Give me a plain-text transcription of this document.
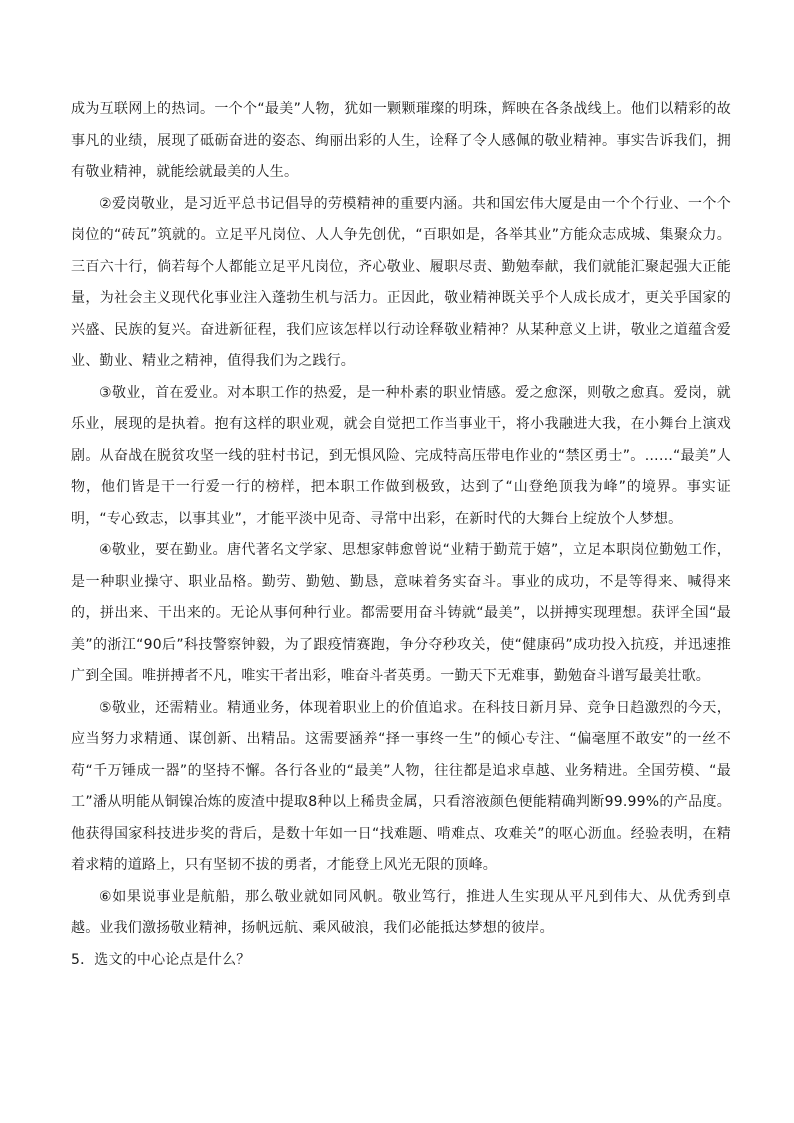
成为互联网上的热词。一个个“最美”人物，犹如一颗颗璀璨的明珠，辉映在各条战线上。他们以精彩的故事凡的业绩，展现了砥砺奋进的姿态、绚丽出彩的人生，诠释了令人感佩的敬业精神。事实告诉我们，拥有敬业精神，就能绘就最美的人生。

②爱岗敬业，是习近平总书记倡导的劳模精神的重要内涵。共和国宏伟大厦是由一个个行业、一个个岗位的“砖瓦”筑就的。立足平凡岗位、人人争先创优，“百职如是，各举其业”方能众志成城、集聚众力。三百六十行，倘若每个人都能立足平凡岗位，齐心敬业、履职尽责、勤勉奉献，我们就能汇聚起强大正能量，为社会主义现代化事业注入蓬勃生机与活力。正因此，敬业精神既关乎个人成长成才，更关乎国家的兴盛、民族的复兴。奋进新征程，我们应该怎样以行动诠释敬业精神？从某种意义上讲，敬业之道蕴含爱业、勤业、精业之精神，值得我们为之践行。

③敬业，首在爱业。对本职工作的热爱，是一种朴素的职业情感。爱之愈深，则敬之愈真。爱岗，就乐业，展现的是执着。抱有这样的职业观，就会自觉把工作当事业干，将小我融进大我，在小舞台上演戏剧。从奋战在脱贫攻坚一线的驻村书记，到无惧风险、完成特高压带电作业的“禁区勇士”。……“最美”人物，他们皆是干一行爱一行的榜样，把本职工作做到极致，达到了“山登绝顶我为峰”的境界。事实证明，“专心致志，以事其业”，才能平淡中见奇、寻常中出彩，在新时代的大舞台上绽放个人梦想。

④敬业，要在勤业。唐代著名文学家、思想家韩愈曾说“业精于勤荒于嬉”，立足本职岗位勤勉工作，是一种职业操守、职业品格。勤劳、勤勉、勤恳，意味着务实奋斗。事业的成功，不是等得来、喊得来的，拼出来、干出来的。无论从事何种行业。都需要用奋斗铸就“最美”，以拼搏实现理想。获评全国“最美”的浙江“90后”科技警察钟毅，为了跟疫情赛跑，争分夺秒攻关，使“健康码”成功投入抗疫，并迅速推广到全国。唯拼搏者不凡，唯实干者出彩，唯奋斗者英勇。一勤天下无难事，勤勉奋斗谱写最美壮歌。

⑤敬业，还需精业。精通业务，体现着职业上的价值追求。在科技日新月异、竞争日趋激烈的今天，应当努力求精通、谋创新、出精品。这需要涵养“择一事终一生”的倾心专注、“偏毫厘不敢安”的一丝不苟“千万锤成一器”的坚持不懈。各行各业的“最美”人物，往往都是追求卓越、业务精进。全国劳模、“最工”潘从明能从铜镍冶炼的废渣中提取8种以上稀贵金属，只看溶液颜色便能精确判断99.99%的产品度。他获得国家科技进步奖的背后，是数十年如一日“找难题、啃难点、攻难关”的呕心沥血。经验表明，在精着求精的道路上，只有坚韧不拔的勇者，才能登上风光无限的顶峰。

⑥如果说事业是航船，那么敬业就如同风帆。敬业笃行，推进人生实现从平凡到伟大、从优秀到卓越。业我们激扬敬业精神，扬帆远航、乘风破浪，我们必能抵达梦想的彼岸。

5．选文的中心论点是什么？
